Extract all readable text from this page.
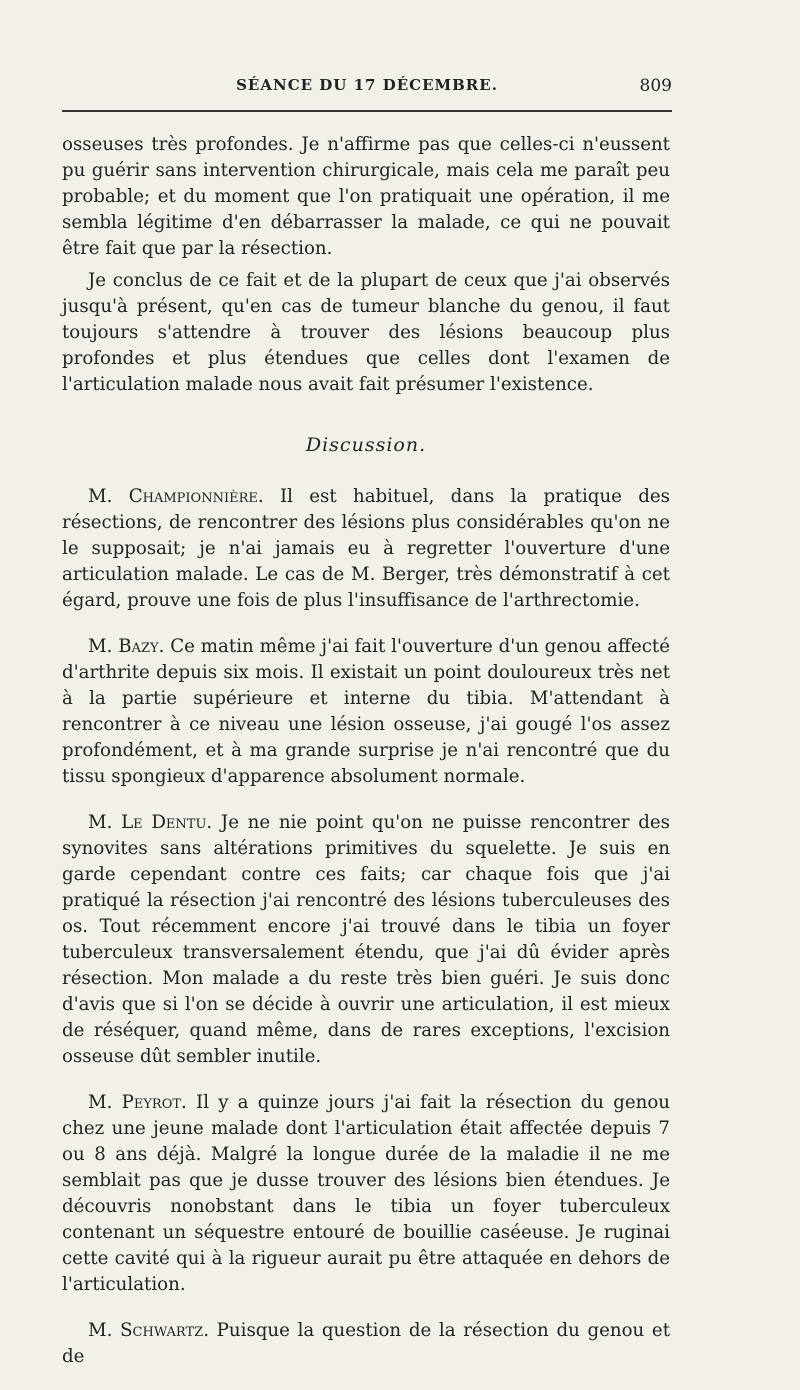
SÉANCE DU 17 DÉCEMBRE.	809

osseuses très profondes. Je n'affirme pas que celles-ci n'eussent pu guérir sans intervention chirurgicale, mais cela me paraît peu probable; et du moment que l'on pratiquait une opération, il me sembla légitime d'en débarrasser la malade, ce qui ne pouvait être fait que par la résection.

Je conclus de ce fait et de la plupart de ceux que j'ai observés jusqu'à présent, qu'en cas de tumeur blanche du genou, il faut toujours s'attendre à trouver des lésions beaucoup plus profondes et plus étendues que celles dont l'examen de l'articulation malade nous avait fait présumer l'existence.

Discussion.

M. Championnière. Il est habituel, dans la pratique des résections, de rencontrer des lésions plus considérables qu'on ne le supposait; je n'ai jamais eu à regretter l'ouverture d'une articulation malade. Le cas de M. Berger, très démonstratif à cet égard, prouve une fois de plus l'insuffisance de l'arthrectomie.

M. Bazy. Ce matin même j'ai fait l'ouverture d'un genou affecté d'arthrite depuis six mois. Il existait un point douloureux très net à la partie supérieure et interne du tibia. M'attendant à rencontrer à ce niveau une lésion osseuse, j'ai gougé l'os assez profondément, et à ma grande surprise je n'ai rencontré que du tissu spongieux d'apparence absolument normale.

M. Le Dentu. Je ne nie point qu'on ne puisse rencontrer des synovites sans altérations primitives du squelette. Je suis en garde cependant contre ces faits; car chaque fois que j'ai pratiqué la résection j'ai rencontré des lésions tuberculeuses des os. Tout récemment encore j'ai trouvé dans le tibia un foyer tuberculeux transversalement étendu, que j'ai dû évider après résection. Mon malade a du reste très bien guéri. Je suis donc d'avis que si l'on se décide à ouvrir une articulation, il est mieux de réséquer, quand même, dans de rares exceptions, l'excision osseuse dût sembler inutile.

M. Peyrot. Il y a quinze jours j'ai fait la résection du genou chez une jeune malade dont l'articulation était affectée depuis 7 ou 8 ans déjà. Malgré la longue durée de la maladie il ne me semblait pas que je dusse trouver des lésions bien étendues. Je découvris nonobstant dans le tibia un foyer tuberculeux contenant un séquestre entouré de bouillie caséeuse. Je ruginai cette cavité qui à la rigueur aurait pu être attaquée en dehors de l'articulation.

M. Schwartz. Puisque la question de la résection du genou et de
